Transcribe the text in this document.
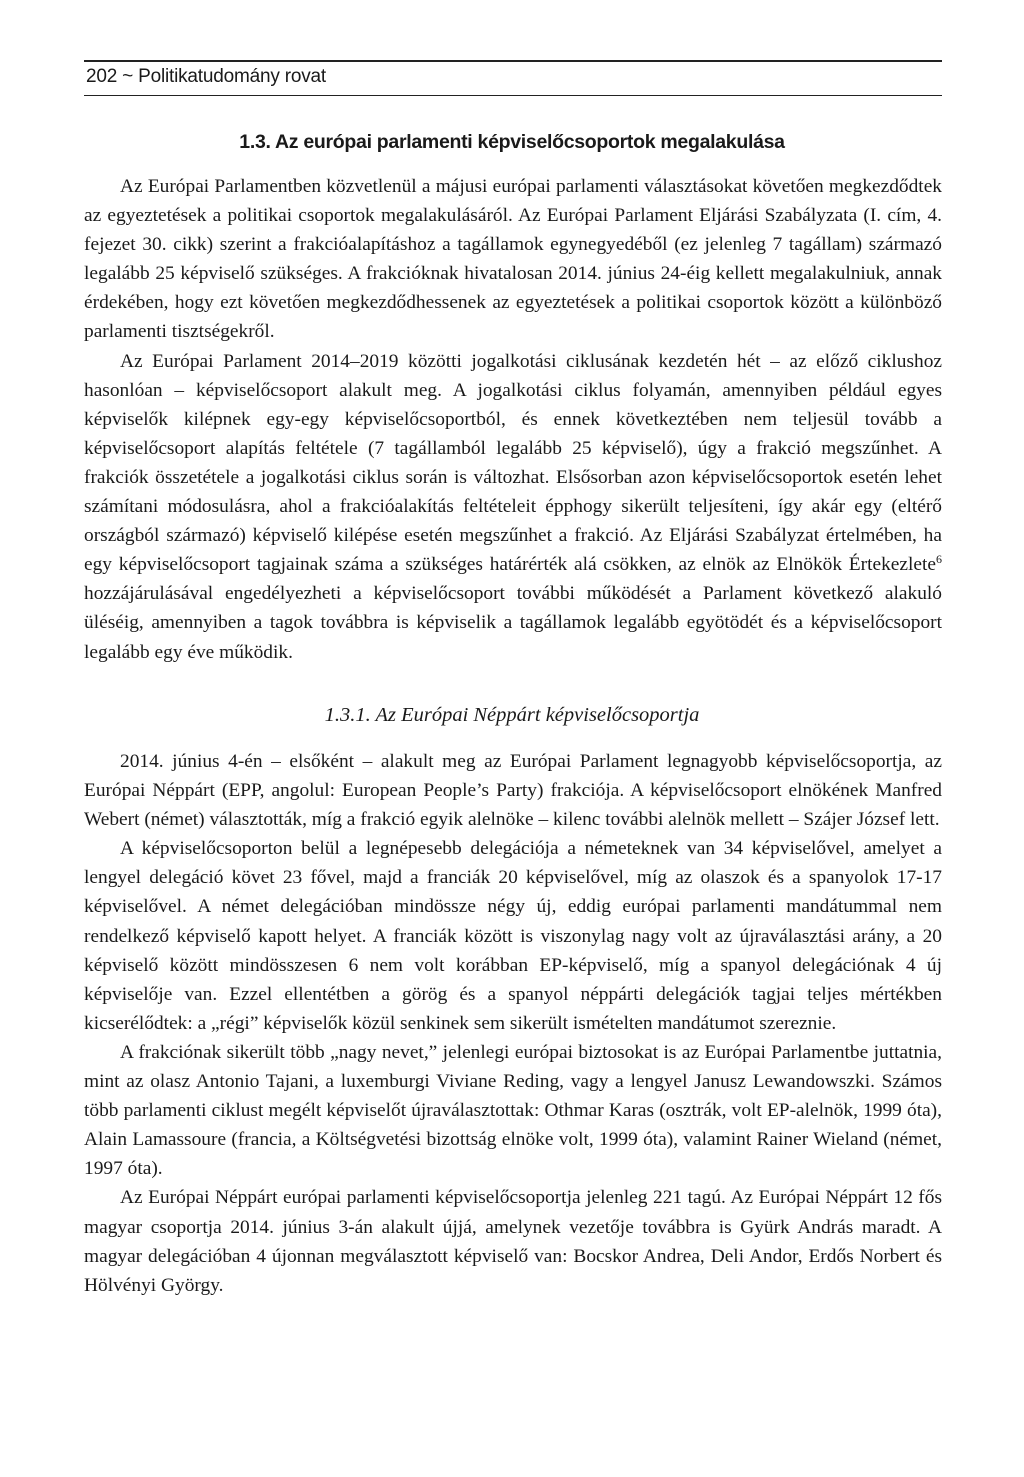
202 ~ Politikatudomány rovat
1.3. Az európai parlamenti képviselőcsoportok megalakulása

Az Európai Parlamentben közvetlenül a májusi európai parlamenti választásokat követően megkezdődtek az egyeztetések a politikai csoportok megalakulásáról. Az Európai Parlament Eljárási Szabályzata (I. cím, 4. fejezet 30. cikk) szerint a frakcióalapításhoz a tagállamok egynegyedéből (ez jelenleg 7 tagállam) származó legalább 25 képviselő szükséges. A frakcióknak hivatalosan 2014. június 24-éig kellett megalakulniuk, annak érdekében, hogy ezt követően megkezdődhessenek az egyeztetések a politikai csoportok között a különböző parlamenti tisztségekről.

Az Európai Parlament 2014–2019 közötti jogalkotási ciklusának kezdetén hét – az előző ciklushoz hasonlóan – képviselőcsoport alakult meg. A jogalkotási ciklus folyamán, amennyiben például egyes képviselők kilépnek egy-egy képviselőcsoportból, és ennek következtében nem teljesül tovább a képviselőcsoport alapítás feltétele (7 tagállamból legalább 25 képviselő), úgy a frakció megszűnhet. A frakciók összetétele a jogalkotási ciklus során is változhat. Elsősorban azon képviselőcsoportok esetén lehet számítani módosulásra, ahol a frakcióalakítás feltételeit épphogy sikerült teljesíteni, így akár egy (eltérő országból származó) képviselő kilépése esetén megszűnhet a frakció. Az Eljárási Szabályzat értelmében, ha egy képviselőcsoport tagjainak száma a szükséges határérték alá csökken, az elnök az Elnökök Értekezlete$^6$ hozzájárulásával engedélyezheti a képviselőcsoport további működését a Parlament következő alakuló üléséig, amennyiben a tagok továbbra is képviselik a tagállamok legalább egyötödét és a képviselőcsoport legalább egy éve működik.

1.3.1. Az Európai Néppárt képviselőcsoportja

2014. június 4-én – elsőként – alakult meg az Európai Parlament legnagyobb képviselőcsoportja, az Európai Néppárt (EPP, angolul: European People’s Party) frakciója. A képviselőcsoport elnökének Manfred Webert (német) választották, míg a frakció egyik alelnöke – kilenc további alelnök mellett – Szájer József lett.

A képviselőcsoporton belül a legnépesebb delegációja a németeknek van 34 képviselővel, amelyet a lengyel delegáció követ 23 fővel, majd a franciák 20 képviselővel, míg az olaszok és a spanyolok 17-17 képviselővel. A német delegációban mindössze négy új, eddig európai parlamenti mandátummal nem rendelkező képviselő kapott helyet. A franciák között is viszonylag nagy volt az újraválasztási arány, a 20 képviselő között mindösszesen 6 nem volt korábban EP-képviselő, míg a spanyol delegációnak 4 új képviselője van. Ezzel ellentétben a görög és a spanyol néppárti delegációk tagjai teljes mértékben kicserélődtek: a „régi” képviselők közül senkinek sem sikerült ismételten mandátumot szereznie.

A frakciónak sikerült több „nagy nevet,” jelenlegi európai biztosokat is az Európai Parlamentbe juttatnia, mint az olasz Antonio Tajani, a luxemburgi Viviane Reding, vagy a lengyel Janusz Lewandowszki. Számos több parlamenti ciklust megélt képviselőt újraválasztottak: Othmar Karas (osztrák, volt EP-alelnök, 1999 óta), Alain Lamassoure (francia, a Költségvetési bizottság elnöke volt, 1999 óta), valamint Rainer Wieland (német, 1997 óta).

Az Európai Néppárt európai parlamenti képviselőcsoportja jelenleg 221 tagú. Az Európai Néppárt 12 fős magyar csoportja 2014. június 3-án alakult újjá, amelynek vezetője továbbra is Gyürk András maradt. A magyar delegációban 4 újonnan megválasztott képviselő van: Bocskor Andrea, Deli Andor, Erdős Norbert és Hölvényi György.
